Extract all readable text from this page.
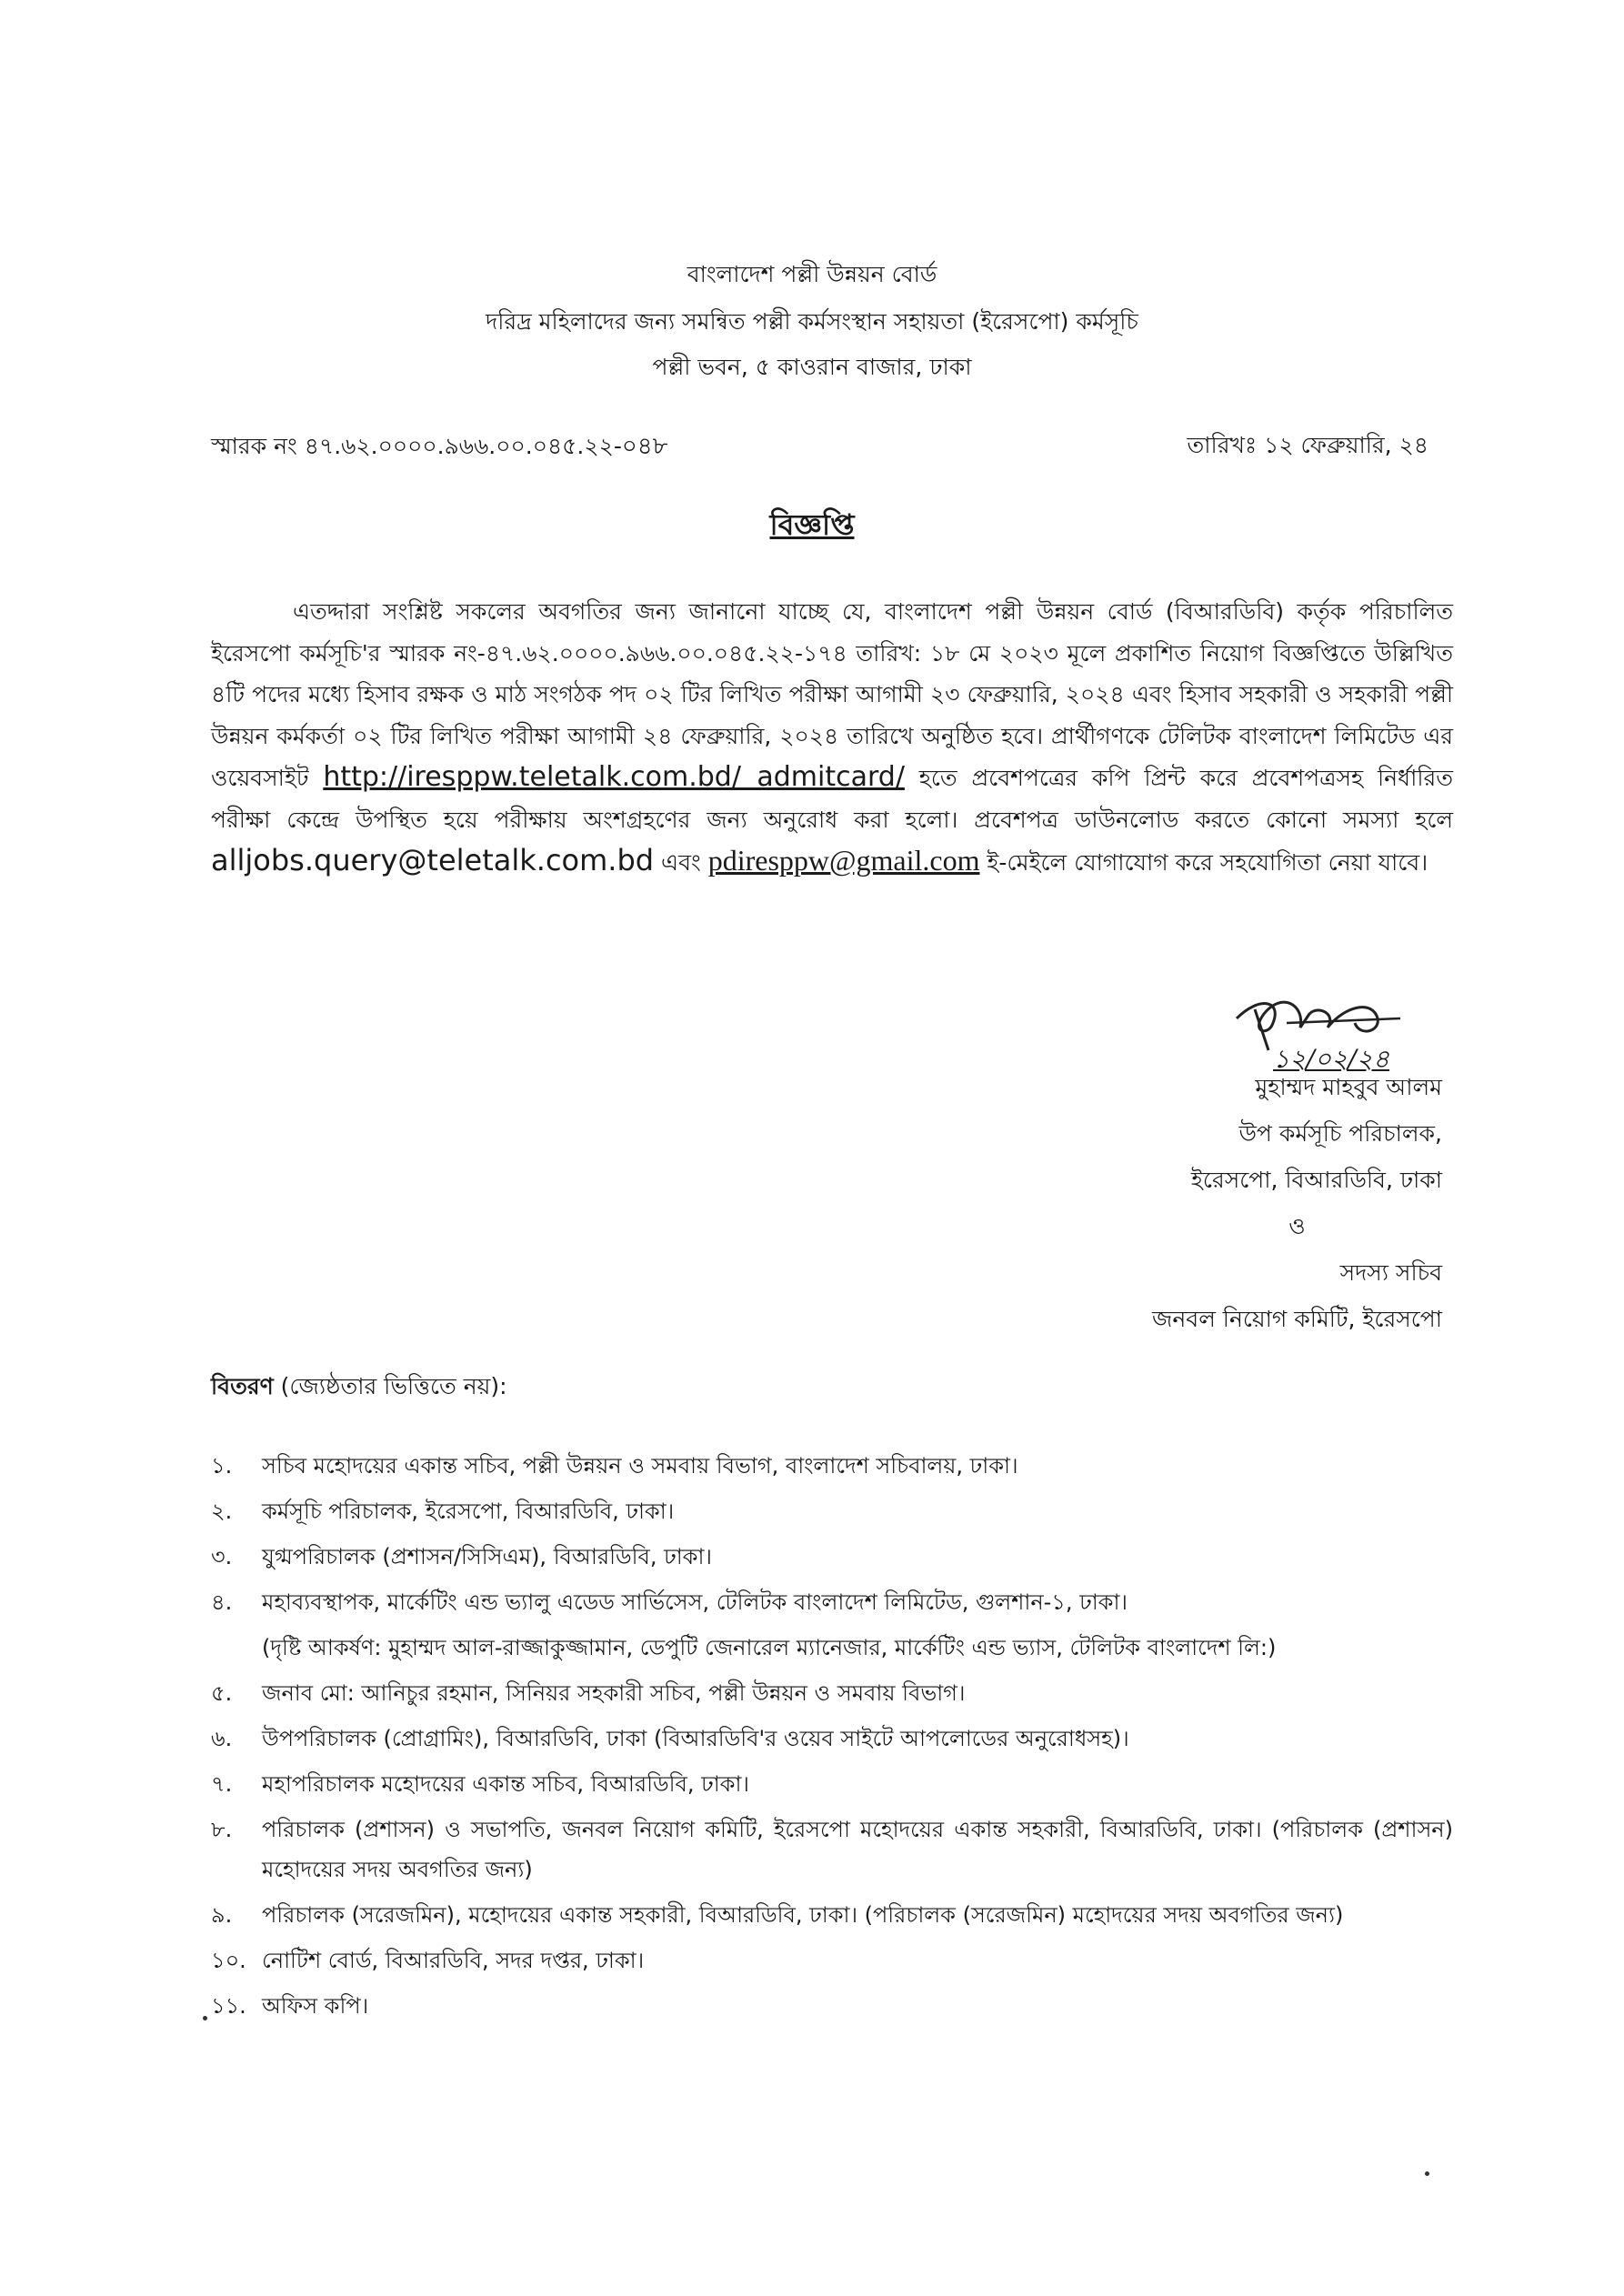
বাংলাদেশ পল্লী উন্নয়ন বোর্ড
দরিদ্র মহিলাদের জন্য সমন্বিত পল্লী কর্মসংস্থান সহায়তা (ইরেসপো) কর্মসূচি
পল্লী ভবন, ৫ কাওরান বাজার, ঢাকা
স্মারক নং ৪৭.৬২.০০০০.৯৬৬.০০.০৪৫.২২-০৪৮	তারিখঃ ১২ ফেব্রুয়ারি, ২৪
বিজ্ঞপ্তি
এতদ্দারা সংশ্লিষ্ট সকলের অবগতির জন্য জানানো যাচ্ছে যে, বাংলাদেশ পল্লী উন্নয়ন বোর্ড (বিআরডিবি) কর্তৃক পরিচালিত ইরেসপো কর্মসূচি'র স্মারক নং-৪৭.৬২.০০০০.৯৬৬.০০.০৪৫.২২-১৭৪ তারিখ: ১৮ মে ২০২৩ মূলে প্রকাশিত নিয়োগ বিজ্ঞপ্তিতে উল্লিখিত ৪টি পদের মধ্যে হিসাব রক্ষক ও মাঠ সংগঠক পদ ০২ টির লিখিত পরীক্ষা আগামী ২৩ ফেব্রুয়ারি, ২০২৪ এবং হিসাব সহকারী ও সহকারী পল্লী উন্নয়ন কর্মকর্তা ০২ টির লিখিত পরীক্ষা আগামী ২৪ ফেব্রুয়ারি, ২০২৪ তারিখে অনুষ্ঠিত হবে। প্রার্থীগণকে টেলিটক বাংলাদেশ লিমিটেড এর ওয়েবসাইট http://iresppw.teletalk.com.bd/ admitcard/ হতে প্রবেশপত্রের কপি প্রিন্ট করে প্রবেশপত্রসহ নির্ধারিত পরীক্ষা কেন্দ্রে উপস্থিত হয়ে পরীক্ষায় অংশগ্রহণের জন্য অনুরোধ করা হলো। প্রবেশপত্র ডাউনলোড করতে কোনো সমস্যা হলে alljobs.query@teletalk.com.bd এবং pdiresppw@gmail.com ই-মেইলে যোগাযোগ করে সহযোগিতা নেয়া যাবে।
১২/০২/২৪
মুহাম্মদ মাহবুব আলম
উপ কর্মসূচি পরিচালক,
ইরেসপো, বিআরডিবি, ঢাকা
ও
সদস্য সচিব
জনবল নিয়োগ কমিটি, ইরেসপো
বিতরণ (জ্যেষ্ঠতার ভিত্তিতে নয়):
১.	সচিব মহোদয়ের একান্ত সচিব, পল্লী উন্নয়ন ও সমবায় বিভাগ, বাংলাদেশ সচিবালয়, ঢাকা।
২.	কর্মসূচি পরিচালক, ইরেসপো, বিআরডিবি, ঢাকা।
৩.	যুগ্মপরিচালক (প্রশাসন/সিসিএম), বিআরডিবি, ঢাকা।
৪.	মহাব্যবস্থাপক, মার্কেটিং এন্ড ভ্যালু এডেড সার্ভিসেস, টেলিটক বাংলাদেশ লিমিটেড, গুলশান-১, ঢাকা।
(দৃষ্টি আকর্ষণ: মুহাম্মদ আল-রাজ্জাকুজ্জামান, ডেপুটি জেনারেল ম্যানেজার, মার্কেটিং এন্ড ভ্যাস, টেলিটক বাংলাদেশ লি:)
৫.	জনাব মো: আনিচুর রহমান, সিনিয়র সহকারী সচিব, পল্লী উন্নয়ন ও সমবায় বিভাগ।
৬.	উপপরিচালক (প্রোগ্রামিং), বিআরডিবি, ঢাকা (বিআরডিবি'র ওয়েব সাইটে আপলোডের অনুরোধসহ)।
৭.	মহাপরিচালক মহোদয়ের একান্ত সচিব, বিআরডিবি, ঢাকা।
৮.	পরিচালক (প্রশাসন) ও সভাপতি, জনবল নিয়োগ কমিটি, ইরেসপো মহোদয়ের একান্ত সহকারী, বিআরডিবি, ঢাকা। (পরিচালক (প্রশাসন) মহোদয়ের সদয় অবগতির জন্য)
৯.	পরিচালক (সরেজমিন), মহোদয়ের একান্ত সহকারী, বিআরডিবি, ঢাকা। (পরিচালক (সরেজমিন) মহোদয়ের সদয় অবগতির জন্য)
১০. নোটিশ বোর্ড, বিআরডিবি, সদর দপ্তর, ঢাকা।
১১. অফিস কপি।
